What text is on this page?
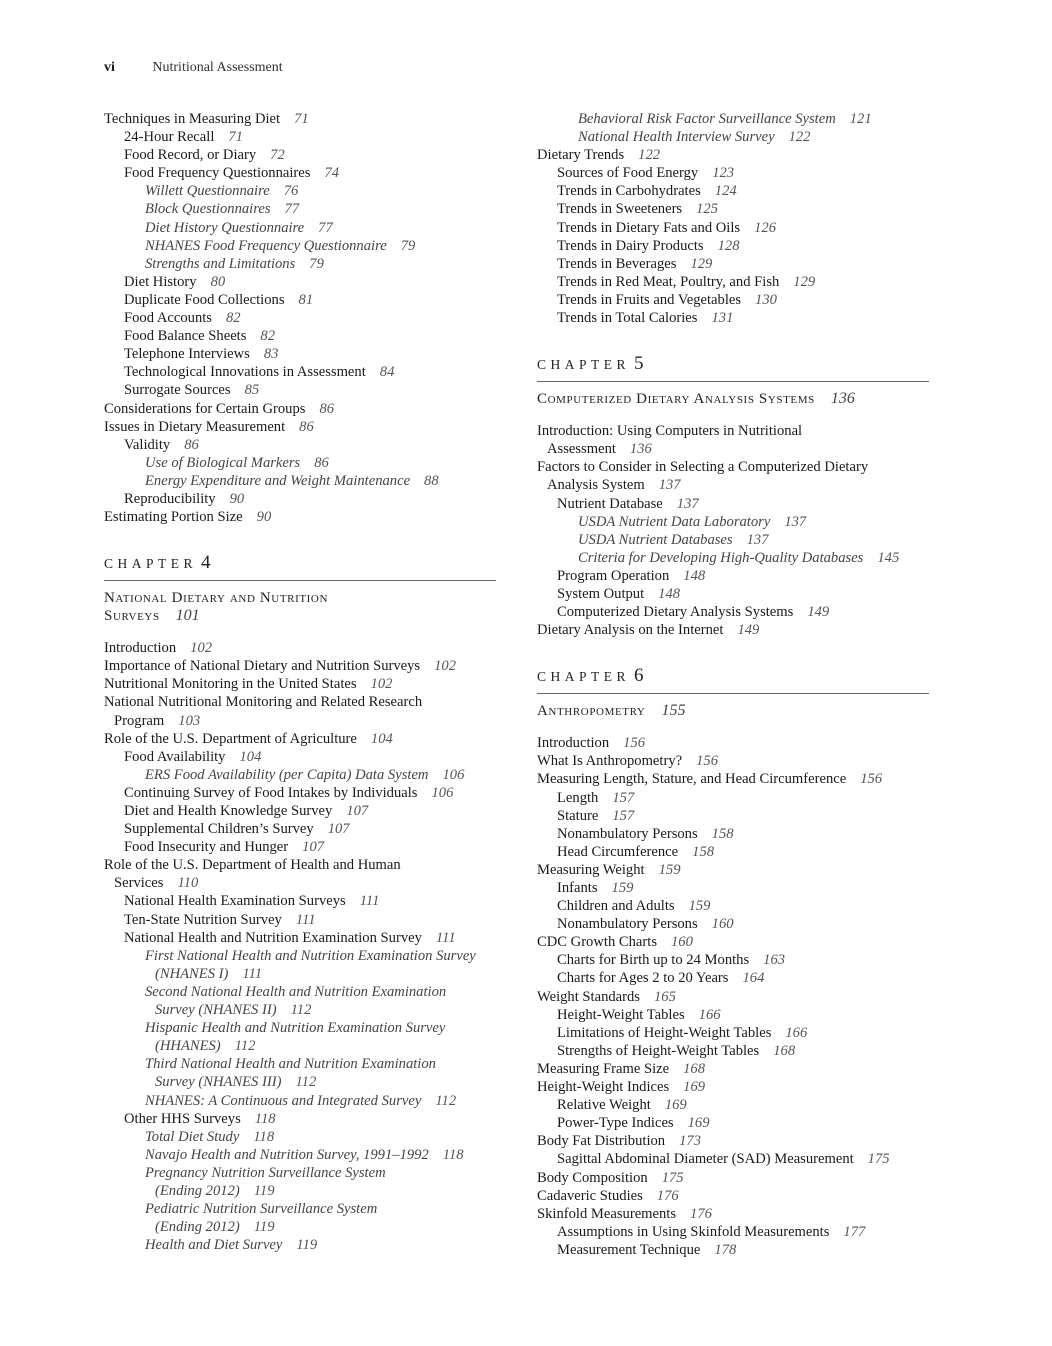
vi	Nutritional Assessment
Techniques in Measuring Diet 71
24-Hour Recall 71
Food Record, or Diary 72
Food Frequency Questionnaires 74
Willett Questionnaire 76
Block Questionnaires 77
Diet History Questionnaire 77
NHANES Food Frequency Questionnaire 79
Strengths and Limitations 79
Diet History 80
Duplicate Food Collections 81
Food Accounts 82
Food Balance Sheets 82
Telephone Interviews 83
Technological Innovations in Assessment 84
Surrogate Sources 85
Considerations for Certain Groups 86
Issues in Dietary Measurement 86
Validity 86
Use of Biological Markers 86
Energy Expenditure and Weight Maintenance 88
Reproducibility 90
Estimating Portion Size 90
CHAPTER 4
National Dietary and Nutrition
Surveys 101
Introduction 102
Importance of National Dietary and Nutrition Surveys 102
Nutritional Monitoring in the United States 102
National Nutritional Monitoring and Related Research
Program 103
Role of the U.S. Department of Agriculture 104
Food Availability 104
ERS Food Availability (per Capita) Data System 106
Continuing Survey of Food Intakes by Individuals 106
Diet and Health Knowledge Survey 107
Supplemental Children’s Survey 107
Food Insecurity and Hunger 107
Role of the U.S. Department of Health and Human
Services 110
National Health Examination Surveys 111
Ten-State Nutrition Survey 111
National Health and Nutrition Examination Survey 111
First National Health and Nutrition Examination Survey
(NHANES I) 111
Second National Health and Nutrition Examination
Survey (NHANES II) 112
Hispanic Health and Nutrition Examination Survey
(HHANES) 112
Third National Health and Nutrition Examination
Survey (NHANES III) 112
NHANES: A Continuous and Integrated Survey 112
Other HHS Surveys 118
Total Diet Study 118
Navajo Health and Nutrition Survey, 1991–1992 118
Pregnancy Nutrition Surveillance System
(Ending 2012) 119
Pediatric Nutrition Surveillance System
(Ending 2012) 119
Health and Diet Survey 119
Behavioral Risk Factor Surveillance System 121
National Health Interview Survey 122
Dietary Trends 122
Sources of Food Energy 123
Trends in Carbohydrates 124
Trends in Sweeteners 125
Trends in Dietary Fats and Oils 126
Trends in Dairy Products 128
Trends in Beverages 129
Trends in Red Meat, Poultry, and Fish 129
Trends in Fruits and Vegetables 130
Trends in Total Calories 131
CHAPTER 5
Computerized Dietary Analysis Systems 136
Introduction: Using Computers in Nutritional
Assessment 136
Factors to Consider in Selecting a Computerized Dietary
Analysis System 137
Nutrient Database 137
USDA Nutrient Data Laboratory 137
USDA Nutrient Databases 137
Criteria for Developing High-Quality Databases 145
Program Operation 148
System Output 148
Computerized Dietary Analysis Systems 149
Dietary Analysis on the Internet 149
CHAPTER 6
Anthropometry 155
Introduction 156
What Is Anthropometry? 156
Measuring Length, Stature, and Head Circumference 156
Length 157
Stature 157
Nonambulatory Persons 158
Head Circumference 158
Measuring Weight 159
Infants 159
Children and Adults 159
Nonambulatory Persons 160
CDC Growth Charts 160
Charts for Birth up to 24 Months 163
Charts for Ages 2 to 20 Years 164
Weight Standards 165
Height-Weight Tables 166
Limitations of Height-Weight Tables 166
Strengths of Height-Weight Tables 168
Measuring Frame Size 168
Height-Weight Indices 169
Relative Weight 169
Power-Type Indices 169
Body Fat Distribution 173
Sagittal Abdominal Diameter (SAD) Measurement 175
Body Composition 175
Cadaveric Studies 176
Skinfold Measurements 176
Assumptions in Using Skinfold Measurements 177
Measurement Technique 178
